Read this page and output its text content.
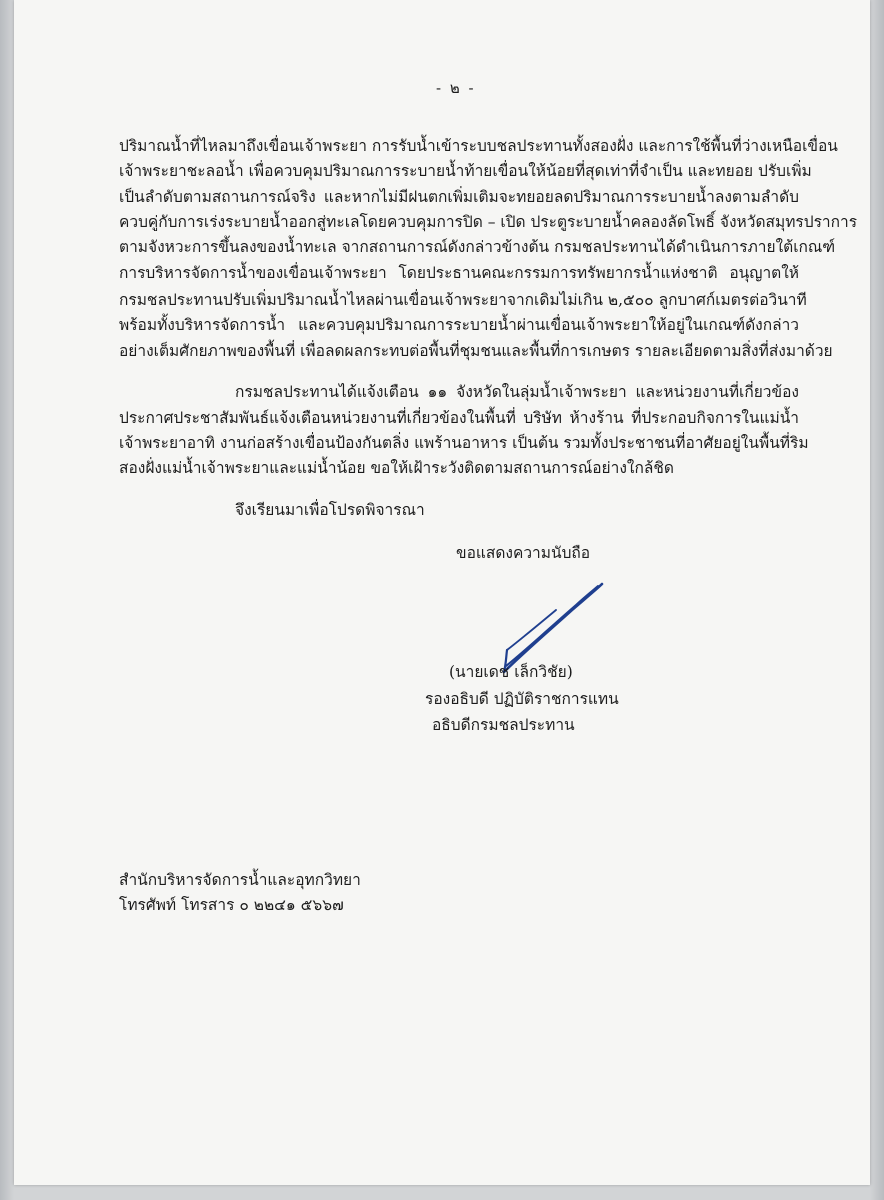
- ๒ -
ปริมาณน้ำที่ไหลมาถึงเขื่อนเจ้าพระยา การรับน้ำเข้าระบบชลประทานทั้งสองฝั่ง และการใช้พื้นที่ว่างเหนือเขื่อน
เจ้าพระยาชะลอน้ำ เพื่อควบคุมปริมาณการระบายน้ำท้ายเขื่อนให้น้อยที่สุดเท่าที่จำเป็น และทยอย ปรับเพิ่ม
เป็นลำดับตามสถานการณ์จริง และหากไม่มีฝนตกเพิ่มเติมจะทยอยลดปริมาณการระบายน้ำลงตามลำดับ
ควบคู่กับการเร่งระบายน้ำออกสู่ทะเลโดยควบคุมการปิด – เปิด ประตูระบายน้ำคลองลัดโพธิ์ จังหวัดสมุทรปราการ
ตามจังหวะการขึ้นลงของน้ำทะเล จากสถานการณ์ดังกล่าวข้างต้น กรมชลประทานได้ดำเนินการภายใต้เกณฑ์
การบริหารจัดการน้ำของเขื่อนเจ้าพระยา โดยประธานคณะกรรมการทรัพยากรน้ำแห่งชาติ อนุญาตให้
กรมชลประทานปรับเพิ่มปริมาณน้ำไหลผ่านเขื่อนเจ้าพระยาจากเดิมไม่เกิน ๒,๕๐๐ ลูกบาศก์เมตรต่อวินาที
พร้อมทั้งบริหารจัดการน้ำ และควบคุมปริมาณการระบายน้ำผ่านเขื่อนเจ้าพระยาให้อยู่ในเกณฑ์ดังกล่าว
อย่างเต็มศักยภาพของพื้นที่ เพื่อลดผลกระทบต่อพื้นที่ชุมชนและพื้นที่การเกษตร รายละเอียดตามสิ่งที่ส่งมาด้วย
กรมชลประทานได้แจ้งเตือน ๑๑ จังหวัดในลุ่มน้ำเจ้าพระยา และหน่วยงานที่เกี่ยวข้อง
ประกาศประชาสัมพันธ์แจ้งเตือนหน่วยงานที่เกี่ยวข้องในพื้นที่ บริษัท ห้างร้าน ที่ประกอบกิจการในแม่น้ำ
เจ้าพระยาอาทิ งานก่อสร้างเขื่อนป้องกันตลิ่ง แพร้านอาหาร เป็นต้น รวมทั้งประชาชนที่อาศัยอยู่ในพื้นที่ริม
สองฝั่งแม่น้ำเจ้าพระยาและแม่น้ำน้อย ขอให้เฝ้าระวังติดตามสถานการณ์อย่างใกล้ชิด
จึงเรียนมาเพื่อโปรดพิจารณา
ขอแสดงความนับถือ
(นายเดช เล็กวิชัย)
รองอธิบดี ปฏิบัติราชการแทน
อธิบดีกรมชลประทาน
สำนักบริหารจัดการน้ำและอุทกวิทยา
โทรศัพท์ โทรสาร ๐ ๒๒๔๑ ๕๖๖๗
